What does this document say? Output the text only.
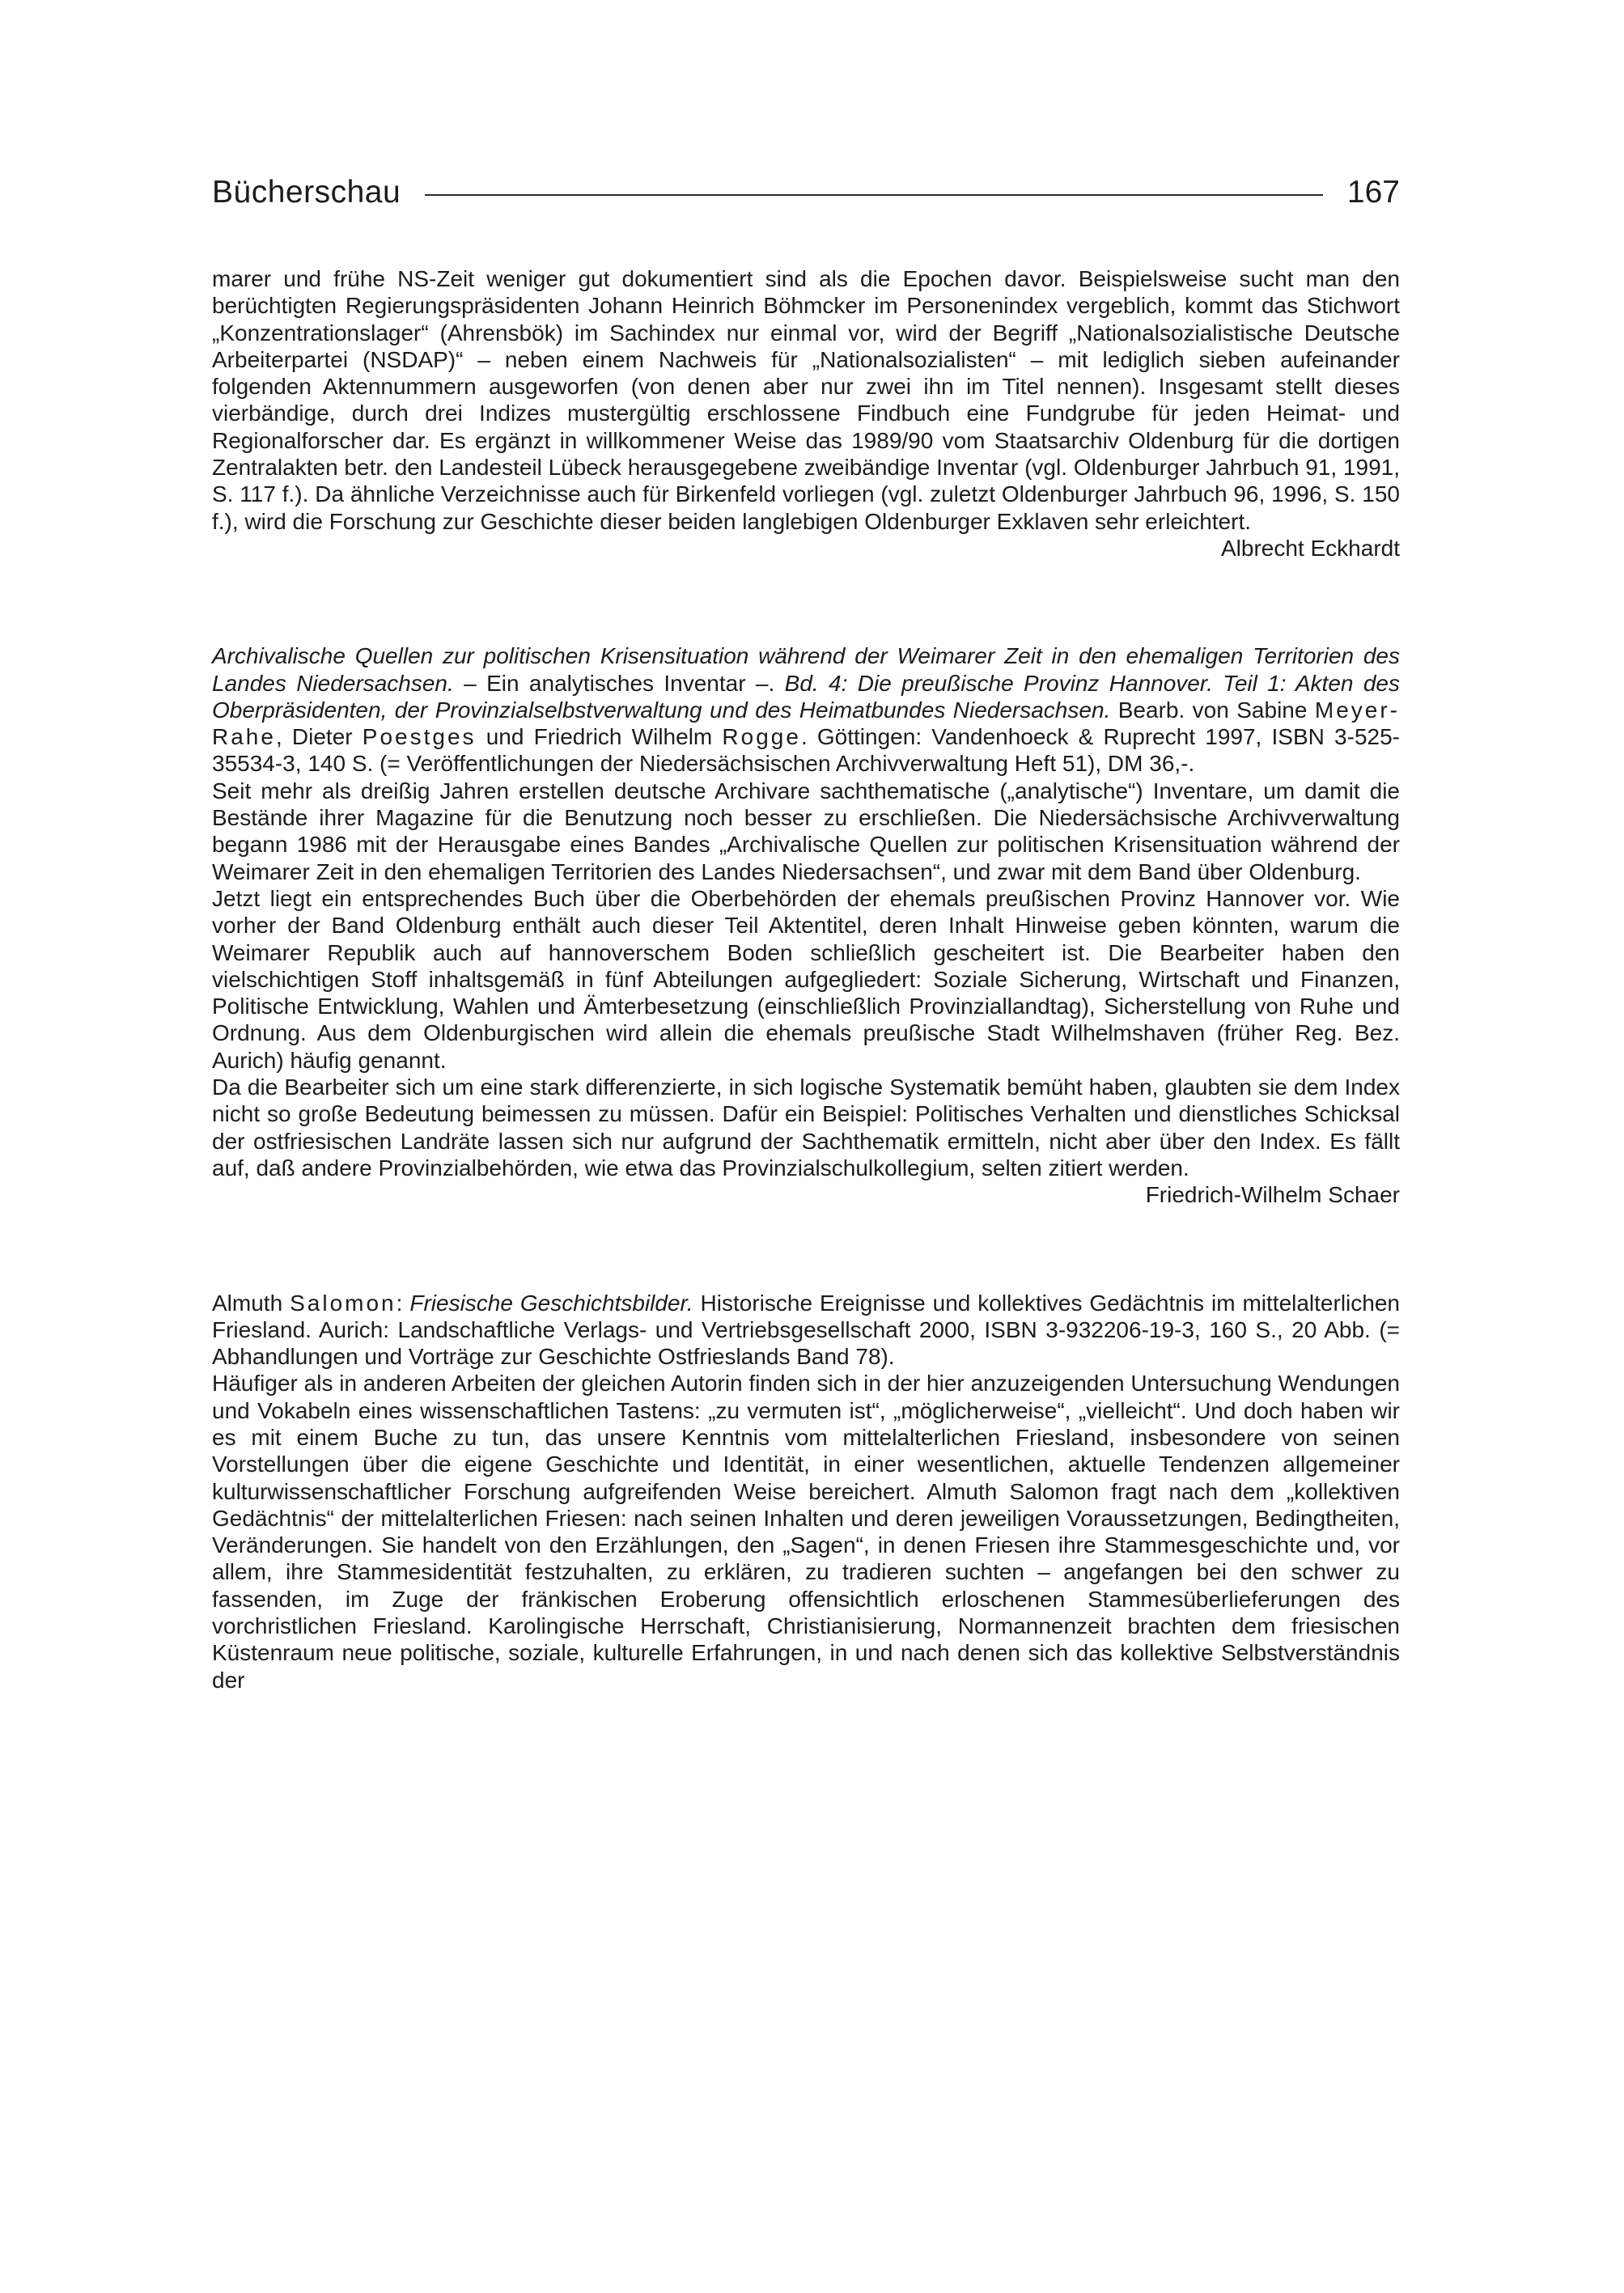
Bücherschau	167

marer und frühe NS-Zeit weniger gut dokumentiert sind als die Epochen davor. Beispielsweise sucht man den berüchtigten Regierungspräsidenten Johann Heinrich Böhmcker im Personenindex vergeblich, kommt das Stichwort „Konzentrationslager“ (Ahrensbök) im Sachindex nur einmal vor, wird der Begriff „Nationalsozialistische Deutsche Arbeiterpartei (NSDAP)“ – neben einem Nachweis für „Nationalsozialisten“ – mit lediglich sieben aufeinander folgenden Aktennummern ausgeworfen (von denen aber nur zwei ihn im Titel nennen). Insgesamt stellt dieses vierbändige, durch drei Indizes mustergültig erschlossene Findbuch eine Fundgrube für jeden Heimat- und Regionalforscher dar. Es ergänzt in willkommener Weise das 1989/90 vom Staatsarchiv Oldenburg für die dortigen Zentralakten betr. den Landesteil Lübeck herausgegebene zweibändige Inventar (vgl. Oldenburger Jahrbuch 91, 1991, S. 117 f.). Da ähnliche Verzeichnisse auch für Birkenfeld vorliegen (vgl. zuletzt Oldenburger Jahrbuch 96, 1996, S. 150 f.), wird die Forschung zur Geschichte dieser beiden langlebigen Oldenburger Exklaven sehr erleichtert.

Albrecht Eckhardt

Archivalische Quellen zur politischen Krisensituation während der Weimarer Zeit in den ehemaligen Territorien des Landes Niedersachsen. – Ein analytisches Inventar –. Bd. 4: Die preußische Provinz Hannover. Teil 1: Akten des Oberpräsidenten, der Provinzialselbstverwaltung und des Heimatbundes Niedersachsen. Bearb. von Sabine Meyer-Rahe, Dieter Poestges und Friedrich Wilhelm Rogge. Göttingen: Vandenhoeck & Ruprecht 1997, ISBN 3-525-35534-3, 140 S. (= Veröffentlichungen der Niedersächsischen Archivverwaltung Heft 51), DM 36,-.

Seit mehr als dreißig Jahren erstellen deutsche Archivare sachthematische („analytische“) Inventare, um damit die Bestände ihrer Magazine für die Benutzung noch besser zu erschließen. Die Niedersächsische Archivverwaltung begann 1986 mit der Herausgabe eines Bandes „Archivalische Quellen zur politischen Krisensituation während der Weimarer Zeit in den ehemaligen Territorien des Landes Niedersachsen“, und zwar mit dem Band über Oldenburg.

Jetzt liegt ein entsprechendes Buch über die Oberbehörden der ehemals preußischen Provinz Hannover vor. Wie vorher der Band Oldenburg enthält auch dieser Teil Aktentitel, deren Inhalt Hinweise geben könnten, warum die Weimarer Republik auch auf hannoverschem Boden schließlich gescheitert ist. Die Bearbeiter haben den vielschichtigen Stoff inhaltsgemäß in fünf Abteilungen aufgegliedert: Soziale Sicherung, Wirtschaft und Finanzen, Politische Entwicklung, Wahlen und Ämterbesetzung (einschließlich Provinziallandtag), Sicherstellung von Ruhe und Ordnung. Aus dem Oldenburgischen wird allein die ehemals preußische Stadt Wilhelmshaven (früher Reg. Bez. Aurich) häufig genannt.

Da die Bearbeiter sich um eine stark differenzierte, in sich logische Systematik bemüht haben, glaubten sie dem Index nicht so große Bedeutung beimessen zu müssen. Dafür ein Beispiel: Politisches Verhalten und dienstliches Schicksal der ostfriesischen Landräte lassen sich nur aufgrund der Sachthematik ermitteln, nicht aber über den Index. Es fällt auf, daß andere Provinzialbehörden, wie etwa das Provinzialschulkollegium, selten zitiert werden.

Friedrich-Wilhelm Schaer

Almuth Salomon: Friesische Geschichtsbilder. Historische Ereignisse und kollektives Gedächtnis im mittelalterlichen Friesland. Aurich: Landschaftliche Verlags- und Vertriebsgesellschaft 2000, ISBN 3-932206-19-3, 160 S., 20 Abb. (= Abhandlungen und Vorträge zur Geschichte Ostfrieslands Band 78).

Häufiger als in anderen Arbeiten der gleichen Autorin finden sich in der hier anzuzeigenden Untersuchung Wendungen und Vokabeln eines wissenschaftlichen Tastens: „zu vermuten ist“, „möglicherweise“, „vielleicht“. Und doch haben wir es mit einem Buche zu tun, das unsere Kenntnis vom mittelalterlichen Friesland, insbesondere von seinen Vorstellungen über die eigene Geschichte und Identität, in einer wesentlichen, aktuelle Tendenzen allgemeiner kulturwissenschaftlicher Forschung aufgreifenden Weise bereichert. Almuth Salomon fragt nach dem „kollektiven Gedächtnis“ der mittelalterlichen Friesen: nach seinen Inhalten und deren jeweiligen Voraussetzungen, Bedingtheiten, Veränderungen. Sie handelt von den Erzählungen, den „Sagen“, in denen Friesen ihre Stammesgeschichte und, vor allem, ihre Stammesidentität festzuhalten, zu erklären, zu tradieren suchten – angefangen bei den schwer zu fassenden, im Zuge der fränkischen Eroberung offensichtlich erloschenen Stammesüberlieferungen des vorchristlichen Friesland. Karolingische Herrschaft, Christianisierung, Normannenzeit brachten dem friesischen Küstenraum neue politische, soziale, kulturelle Erfahrungen, in und nach denen sich das kollektive Selbstverständnis der
